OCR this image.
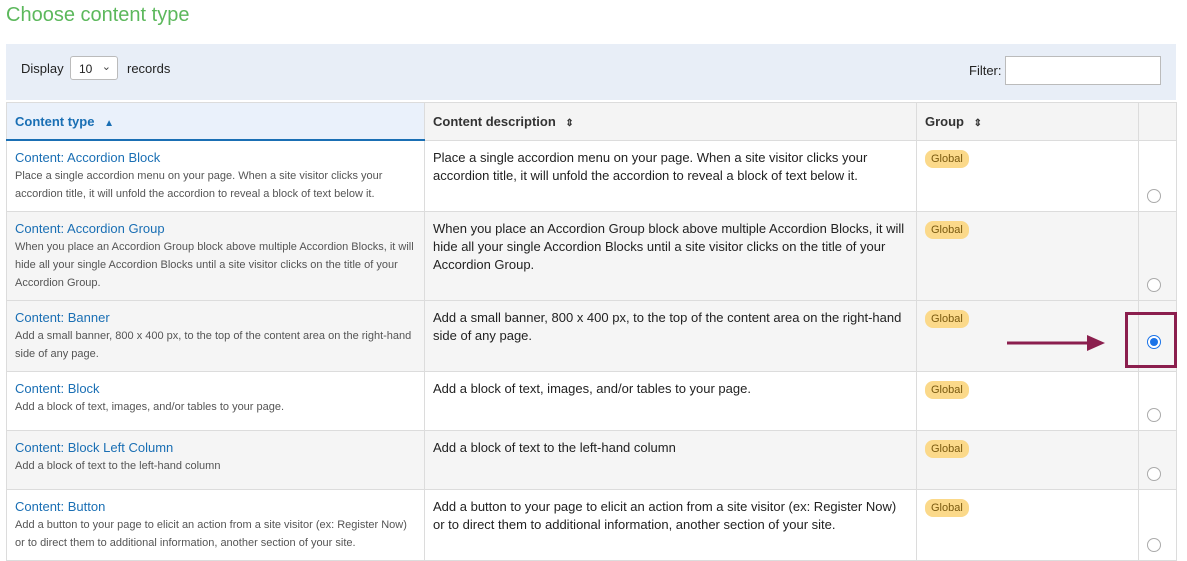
Choose content type
Display	10 ⌄ records	Filter:
Content type ▲	Content description ⇕	Group ⇕	

Content: Accordion Block
Place a single accordion menu on your page. When a site visitor clicks your accordion title, it will unfold the accordion to reveal a block of text below it.	Place a single accordion menu on your page. When a site visitor clicks your accordion title, it will unfold the accordion to reveal a block of text below it.	Global	

Content: Accordion Group
When you place an Accordion Group block above multiple Accordion Blocks, it will hide all your single Accordion Blocks until a site visitor clicks on the title of your Accordion Group.	When you place an Accordion Group block above multiple Accordion Blocks, it will hide all your single Accordion Blocks until a site visitor clicks on the title of your Accordion Group.	Global	

Content: Banner
Add a small banner, 800 x 400 px, to the top of the content area on the right-hand side of any page.	Add a small banner, 800 x 400 px, to the top of the content area on the right-hand side of any page.	Global	

Content: Block
Add a block of text, images, and/or tables to your page.	Add a block of text, images, and/or tables to your page.	Global	

Content: Block Left Column
Add a block of text to the left-hand column	Add a block of text to the left-hand column	Global	

Content: Button
Add a button to your page to elicit an action from a site visitor (ex: Register Now) or to direct them to additional information, another section of your site.	Add a button to your page to elicit an action from a site visitor (ex: Register Now) or to direct them to additional information, another section of your site.	Global	
